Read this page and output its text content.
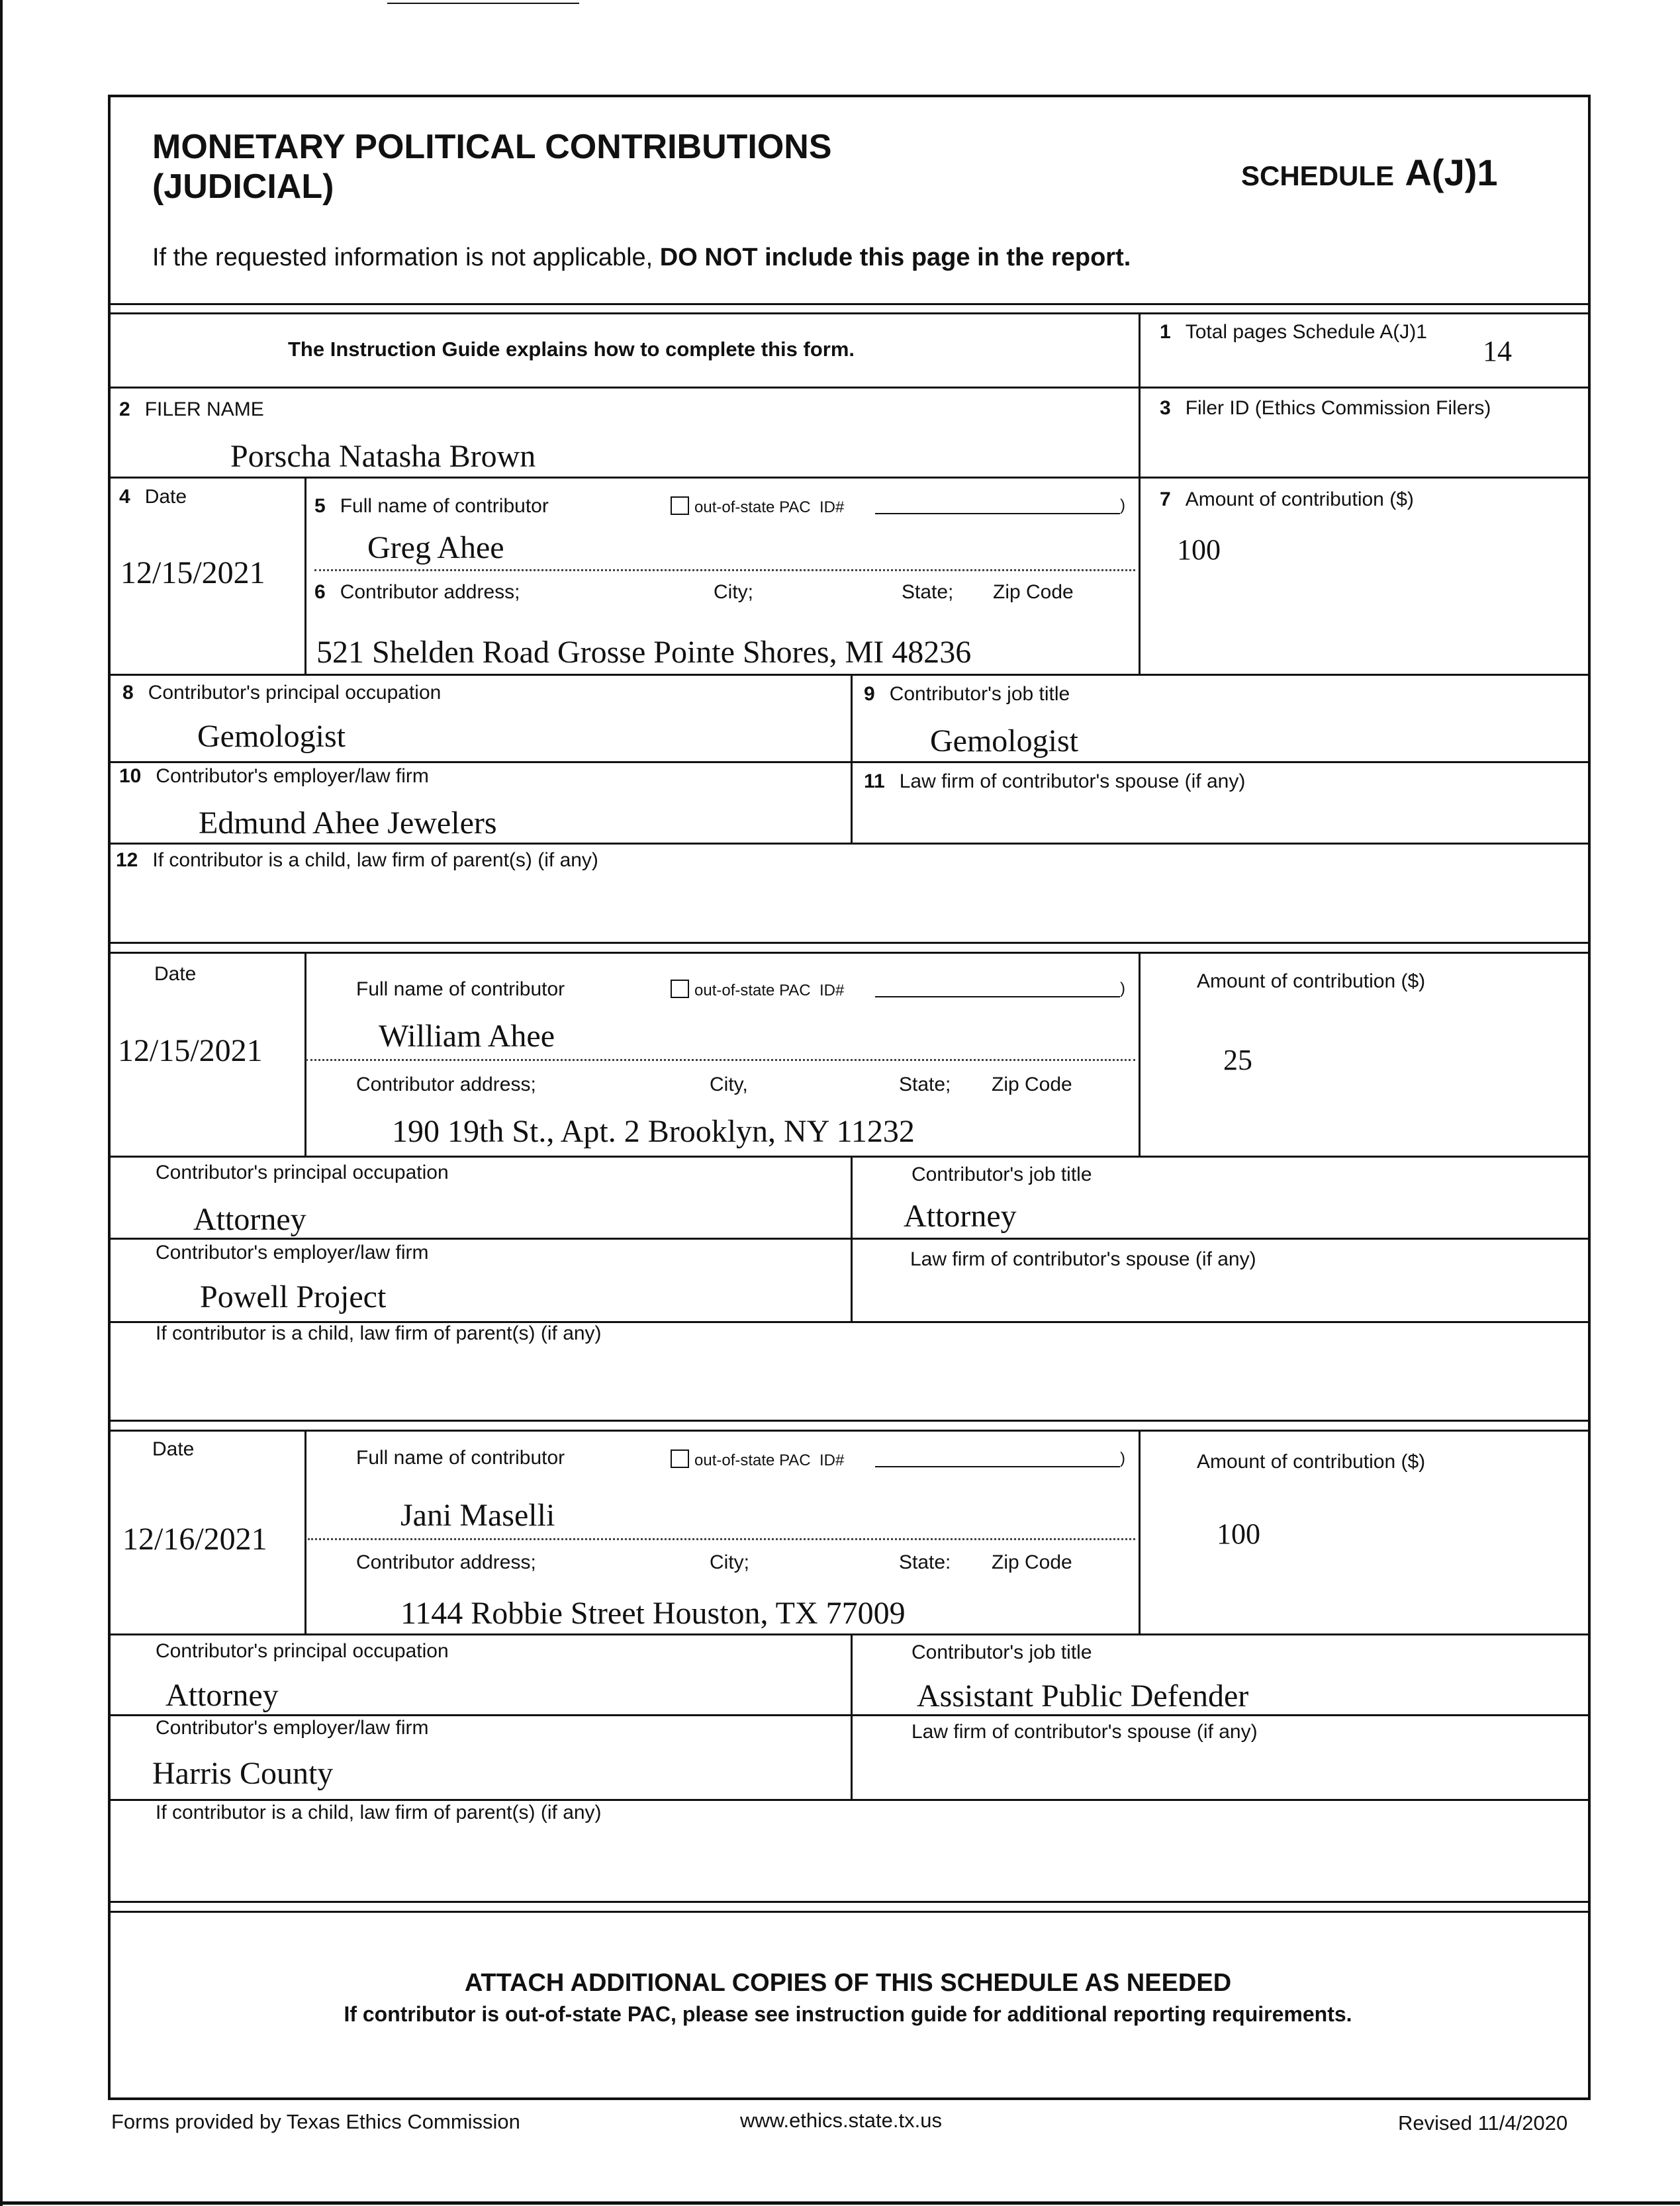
MONETARY POLITICAL CONTRIBUTIONS
(JUDICIAL)	SCHEDULE A(J)1
If the requested information is not applicable, DO NOT include this page in the report.
The Instruction Guide explains how to complete this form.
1 Total pages Schedule A(J)1
14
2 FILER NAME
Porscha Natasha Brown
3 Filer ID (Ethics Commission Filers)
4 Date
12/15/2021
5 Full name of contributor	out-of-state PAC ID#	)
Greg Ahee
6 Contributor address;	City;	State; Zip Code
521 Shelden Road Grosse Pointe Shores, MI 48236
7 Amount of contribution ($)
100
8 Contributor's principal occupation
Gemologist
9 Contributor's job title
Gemologist
10 Contributor's employer/law firm
Edmund Ahee Jewelers
11 Law firm of contributor's spouse (if any)
12 If contributor is a child, law firm of parent(s) (if any)
Date
12/15/2021
Full name of contributor	out-of-state PAC ID#	)
William Ahee
Contributor address;	City,	State; Zip Code
190 19th St., Apt. 2 Brooklyn, NY 11232
Amount of contribution ($)
25
Contributor's principal occupation
Attorney
Contributor's job title
Attorney
Contributor's employer/law firm
Powell Project
Law firm of contributor's spouse (if any)
If contributor is a child, law firm of parent(s) (if any)
Date
12/16/2021
Full name of contributor	out-of-state PAC ID#	)
Jani Maselli
Contributor address;	City;	State: Zip Code
1144 Robbie Street Houston, TX 77009
Amount of contribution ($)
100
Contributor's principal occupation
Attorney
Contributor's job title
Assistant Public Defender
Contributor's employer/law firm
Harris County
Law firm of contributor's spouse (if any)
If contributor is a child, law firm of parent(s) (if any)
ATTACH ADDITIONAL COPIES OF THIS SCHEDULE AS NEEDED
If contributor is out-of-state PAC, please see instruction guide for additional reporting requirements.
Forms provided by Texas Ethics Commission	www.ethics.state.tx.us	Revised 11/4/2020
